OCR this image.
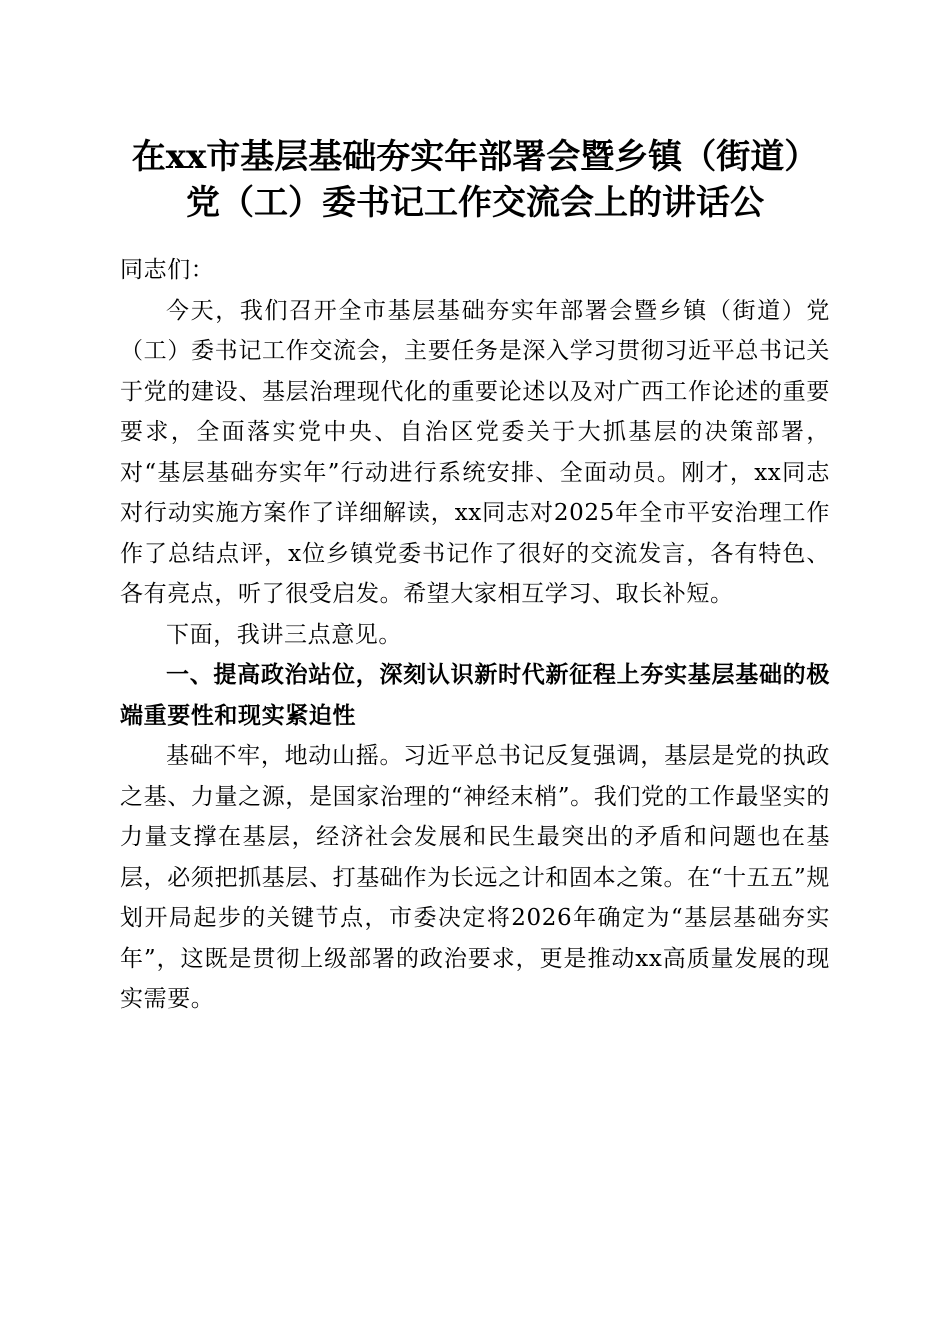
在xx市基层基础夯实年部署会暨乡镇（街道）党（工）委书记工作交流会上的讲话公

同志们：

今天，我们召开全市基层基础夯实年部署会暨乡镇（街道）党（工）委书记工作交流会，主要任务是深入学习贯彻习近平总书记关于党的建设、基层治理现代化的重要论述以及对广西工作论述的重要要求，全面落实党中央、自治区党委关于大抓基层的决策部署，对“基层基础夯实年”行动进行系统安排、全面动员。刚才，xx同志对行动实施方案作了详细解读，xx同志对2025年全市平安治理工作作了总结点评，x位乡镇党委书记作了很好的交流发言，各有特色、各有亮点，听了很受启发。希望大家相互学习、取长补短。

下面，我讲三点意见。

一、提高政治站位，深刻认识新时代新征程上夯实基层基础的极端重要性和现实紧迫性

基础不牢，地动山摇。习近平总书记反复强调，基层是党的执政之基、力量之源，是国家治理的“神经末梢”。我们党的工作最坚实的力量支撑在基层，经济社会发展和民生最突出的矛盾和问题也在基层，必须把抓基层、打基础作为长远之计和固本之策。在“十五五”规划开局起步的关键节点，市委决定将2026年确定为“基层基础夯实年”，这既是贯彻上级部署的政治要求，更是推动xx高质量发展的现实需要。
